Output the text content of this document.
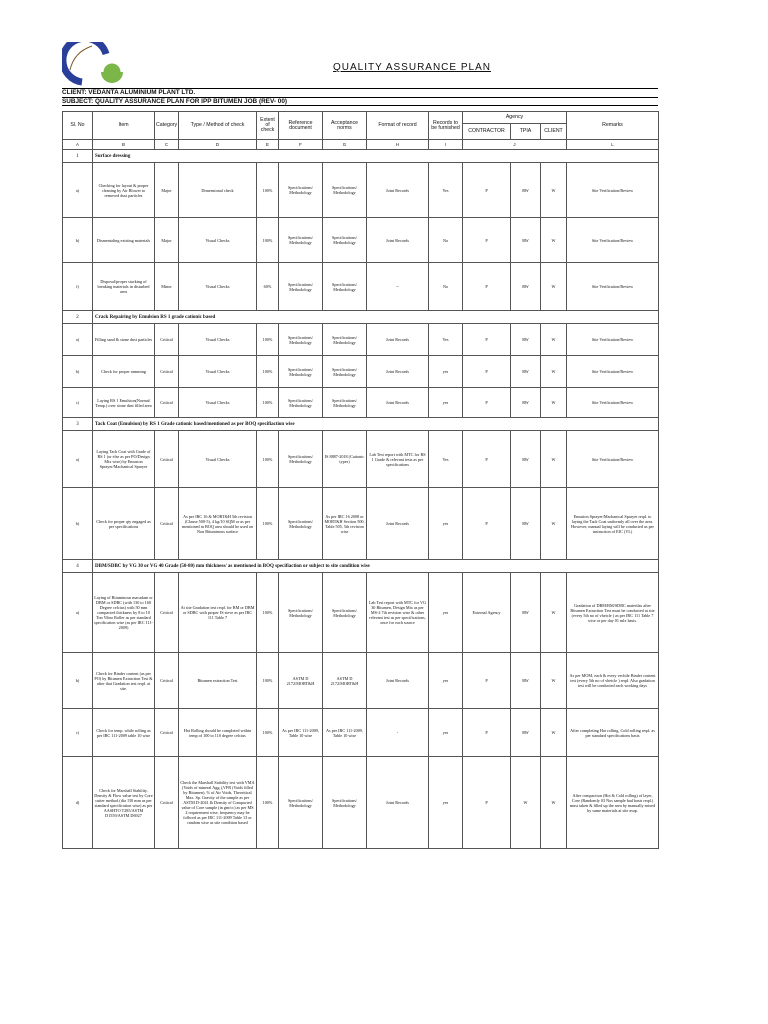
QUALITY ASSURANCE PLAN
CLIENT: VEDANTA ALUMINIUM PLANT LTD.
SUBJECT: QUALITY ASSURANCE PLAN FOR IPP BITUMEN JOB (REV- 00)
Sl. No	Item	Category	Type / Method of check	Extent of check	Reference document	Acceptance norms	Format of record	Records to be furnished	Agency			Remarks
									CONTRACTOR	TPIA	CLIENT	
A	B	C	D	E	F	G	H	I	J			L
1	Surface dressing											
a)	Checking for layout & proper cleaning by Air Blower to removed dust particles	Major	Dimensional check	100%	Specifications/ Methodology	Specifications/ Methodology	Joint Records	Yes	P	RW	W	Site Verification/Review
b)	Dismentaling existing materials	Major	Visual Checks	100%	Specifications/ Methodology	Specifications/ Methodology	Joint Records	No	P	RW	W	Site Verification/Review
f)	Disposal/proper stacking of breaking materials in disturbed area	Minor	Visual Checks	60%	Specifications/ Methodology	Specifications/ Methodology	--	No	P	RW	W	Site Verification/Review
2	Crack Repairing by Emulsion RS 1 grade cationic based											
a)	Filling sand & stone dust particles	Critical	Visual Checks	100%	Specifications/ Methodology	Specifications/ Methodology	Joint Records	Yes	P	RW	W	Site Verification/Review
b)	Check for proper ramming	Critical	Visual Checks	100%	Specifications/ Methodology	Specifications/ Methodology	Joint Records	yes	P	RW	W	Site Verification/Review
c)	Laying RS 1 Emulsion(Normal Temp.) over stone dust filled area	Critical	Visual Checks	100%	Specifications/ Methodology	Specifications/ Methodology	Joint Records	yes	P	RW	W	Site Verification/Review
3	Tack Coat (Emulsion) by RS 1 Grade cationic based/mentioned as per BOQ specifiaction wise											
a)	Laying Tack Coat with Grade of RS 1 (or else as per PO/Design Mix wise) by Emusion Sprayer/Machanical Sparyer	Critical	Visual Checks	100%	Specifications/ Methodology	IS 8887-2018 (Cationic types)	Lab Test report with MTC for RS 1 Grade & relevant tests as per specifications	Yes	P	RW	W	Site Verification/Review
b)	Check for proper qty engaged as per specifications	Critical	As per IRC 16 & MORT&H 5th revision (Clause 500-5), 4 kg/10 SQM or as per mentioned in BOQ area should be used on Non Bituminous surface	100%	Specifications/ Methodology	As per IRC 16 2008 or MORT&H Section 500, Table 505, 5th revision wise	Joint Records	yes	P	RW	W	Emusion Sprayer/Machanical Sparyer reqd. to laying the Tack Coat uniformly all over the area. However, manual laying will be conducted as per instruction of EIC (VL)
4	DBM/SDBC by VG 30 or VG 40 Grade (50-80) mm thickness/ as mentioned in BOQ specifiaction or subject to site condition wise											
a)	Laying of Bituminous macadam or DBM or SDBC (with 130 to 160 Degree celcius) with 50 mm compacted thickness by 8 to 10 Ton Vibro Roller as per standard specification wise (as per IRC 111-2009)	Critical	At site Gradation test reqd. for BM or DBM or SDBC with proper IS sieve as per IRC 111 Table 7	100%	Specifications/ Methodology	Specifications/ Methodology	Lab Test report with MTC for VG 30 Bitumen, Design Mix as per MS-2 7th revision wise & other relevant test as per specifications, once for each source	yes	External Agency	RW	W	Gradation of DBM/BM/SDBC materilas after Bitumen Extraction Test must be conducted at site (every 5th no of vheicle ) as per IRC 111 Table 7 wise or per day 01 mlx basis.
b)	Check for Binder content (as per PO) by Bitumen Extraction Test & after that Gradation test reqd. at site.	Critical	Bitumen extraction Test	100%	ASTM D 2172/MORT&H	ASTM D 2172/MORT&H	Joint Records	yes	P	RW	W	As per MOM, each & every vechile Binder content test (every 5th no of vheicle ) reqd. Also gradation test will be conducted each working days
c)	Check for temp. while rolling as per IRC 111-2009 table 10 wise	Critical	Hot Rolling should be completed within temp of 100 to 110 degree celcius	100%	As per IRC 111-2009, Table 10 wise	As per IRC 111-2009, Table 10 wise	-	yes	P	RW	W	After completing Hot rolling, Cold rolling reqd. as per standard specifications basis
d)	Check for Marshall Stability, Density & Flow value test by Core cutter method (dia 150 mm as per standard specification wise) as per AASHTO T285/ASTM D1559/ASTM D6927	Critical	Check the Marshall Stability test with VMA (Voids of mineral Agg.),VFB (Voids filled by Bitumen), % of Air Voids, Theoritical Max. Sp. Gravity of the sample as per ASTM D-2041 & Density of Compacted value of Core sample (in gm/cc) as per MS 2 requirement wise, frequency may be follwed as per IRC 111-2009 Table 13 or random wise as site condition based	100%	Specifications/ Methodology	Specifications/ Methodology	Joint Records	yes	P	W	W	After compaction (Hot & Cold rolling) of layer, Core (Randomly 03 Nos sample bad basis reqd.) must taken & filled up the area by manually mixed by same materials at site asap.
